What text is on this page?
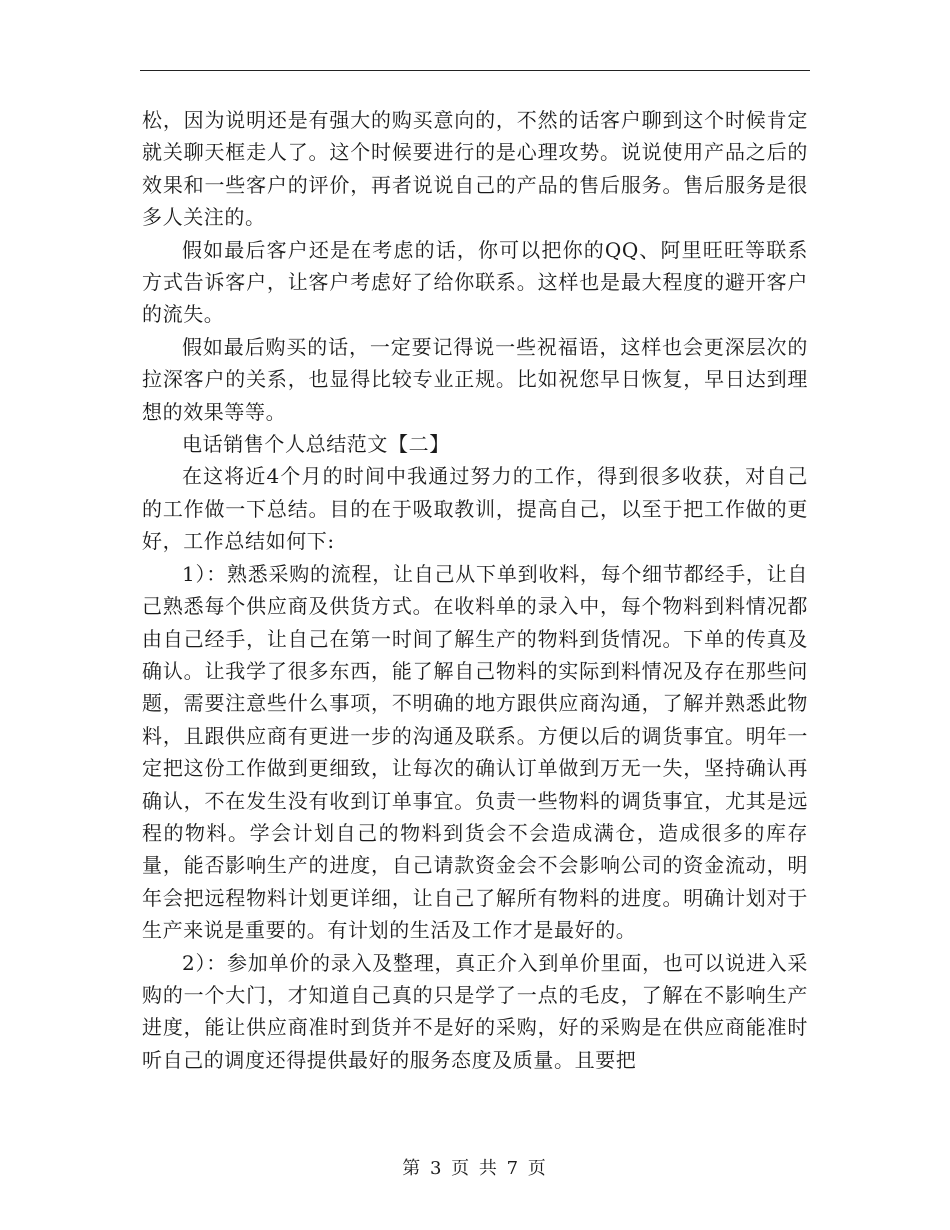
松，因为说明还是有强大的购买意向的，不然的话客户聊到这个时候肯定就关聊天框走人了。这个时候要进行的是心理攻势。说说使用产品之后的效果和一些客户的评价，再者说说自己的产品的售后服务。售后服务是很多人关注的。

假如最后客户还是在考虑的话，你可以把你的QQ、阿里旺旺等联系方式告诉客户，让客户考虑好了给你联系。这样也是最大程度的避开客户的流失。

假如最后购买的话，一定要记得说一些祝福语，这样也会更深层次的拉深客户的关系，也显得比较专业正规。比如祝您早日恢复，早日达到理想的效果等等。

电话销售个人总结范文【二】

在这将近4个月的时间中我通过努力的工作，得到很多收获，对自己的工作做一下总结。目的在于吸取教训，提高自己，以至于把工作做的更好，工作总结如何下:

1）：熟悉采购的流程，让自己从下单到收料，每个细节都经手，让自己熟悉每个供应商及供货方式。在收料单的录入中，每个物料到料情况都由自己经手，让自己在第一时间了解生产的物料到货情况。下单的传真及确认。让我学了很多东西，能了解自己物料的实际到料情况及存在那些问题，需要注意些什么事项，不明确的地方跟供应商沟通，了解并熟悉此物料，且跟供应商有更进一步的沟通及联系。方便以后的调货事宜。明年一定把这份工作做到更细致，让每次的确认订单做到万无一失，坚持确认再确认，不在发生没有收到订单事宜。负责一些物料的调货事宜，尤其是远程的物料。学会计划自己的物料到货会不会造成满仓，造成很多的库存量，能否影响生产的进度，自己请款资金会不会影响公司的资金流动，明年会把远程物料计划更详细，让自己了解所有物料的进度。明确计划对于生产来说是重要的。有计划的生活及工作才是最好的。

2）：参加单价的录入及整理，真正介入到单价里面，也可以说进入采购的一个大门，才知道自己真的只是学了一点的毛皮，了解在不影响生产进度，能让供应商准时到货并不是好的采购，好的采购是在供应商能准时听自己的调度还得提供最好的服务态度及质量。且要把

第 3 页 共 7 页
